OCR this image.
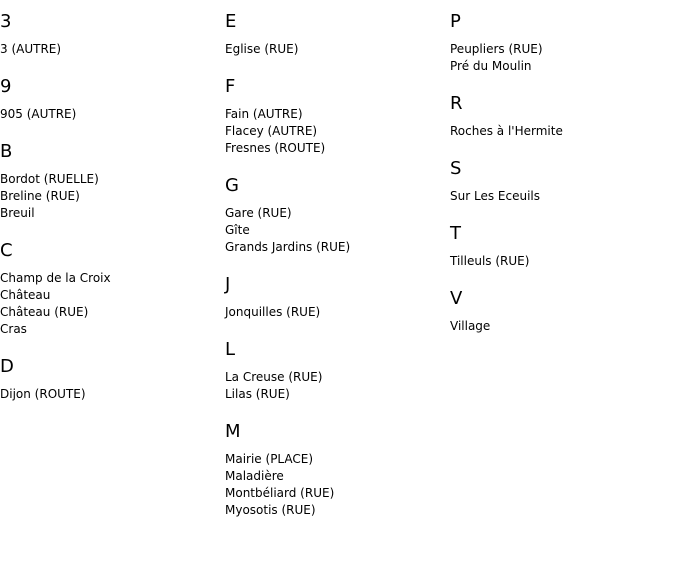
3
3 (AUTRE)
9
905 (AUTRE)
B
Bordot (RUELLE)
Breline (RUE)
Breuil
C
Champ de la Croix
Château
Château (RUE)
Cras
D
Dijon (ROUTE)
E
Eglise (RUE)
F
Fain (AUTRE)
Flacey (AUTRE)
Fresnes (ROUTE)
G
Gare (RUE)
Gîte
Grands Jardins (RUE)
J
Jonquilles (RUE)
L
La Creuse (RUE)
Lilas (RUE)
M
Mairie (PLACE)
Maladière
Montbéliard (RUE)
Myosotis (RUE)
P
Peupliers (RUE)
Pré du Moulin
R
Roches à l'Hermite
S
Sur Les Eceuils
T
Tilleuls (RUE)
V
Village
